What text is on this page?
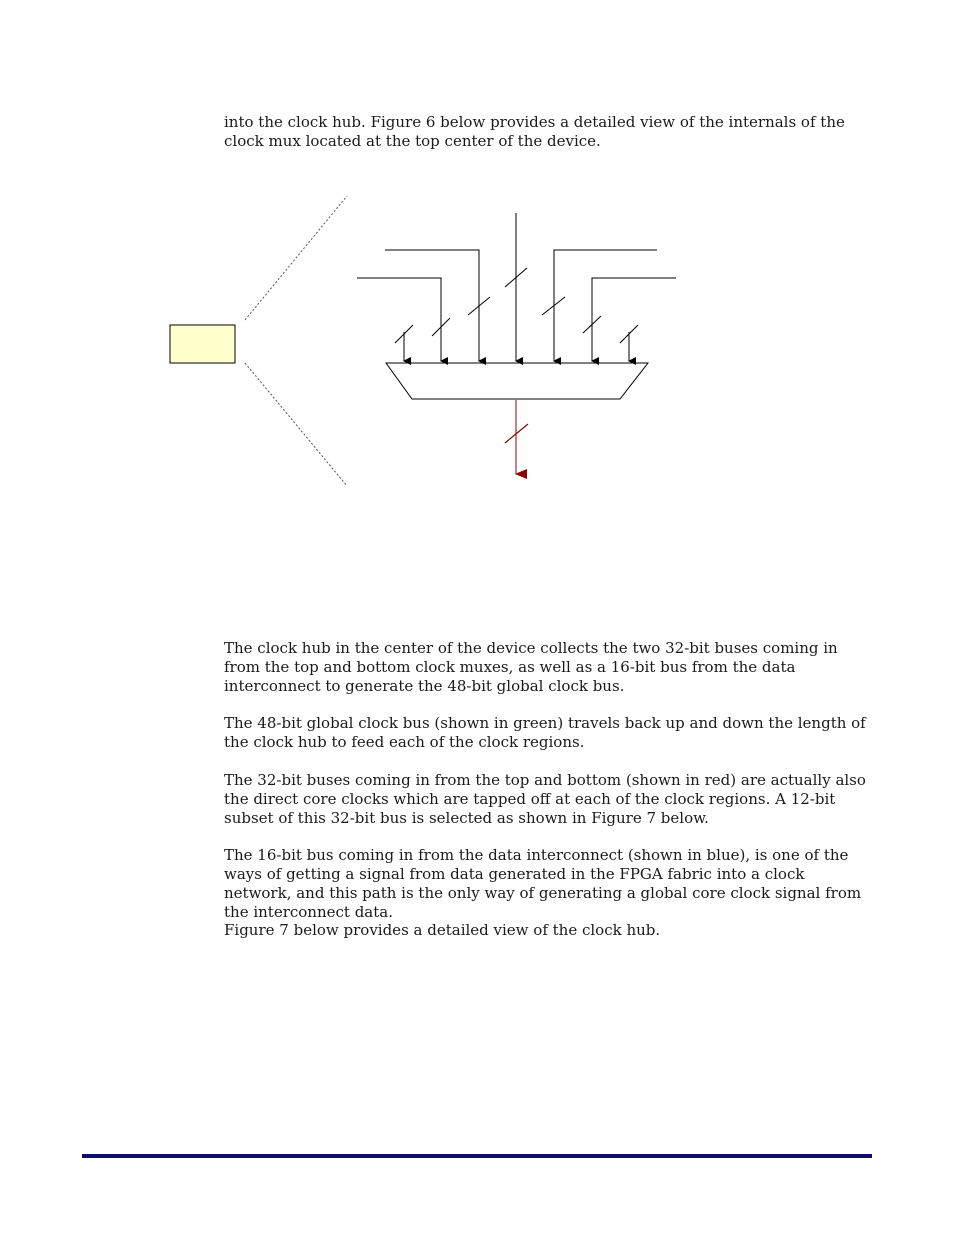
into the clock hub. Figure 6 below provides a detailed view of the internals of the clock mux located at the top center of the device.

The clock hub in the center of the device collects the two 32-bit buses coming in from the top and bottom clock muxes, as well as a 16-bit bus from the data interconnect to generate the 48-bit global clock bus.

The 48-bit global clock bus (shown in green) travels back up and down the length of the clock hub to feed each of the clock regions.

The 32-bit buses coming in from the top and bottom (shown in red) are actually also the direct core clocks which are tapped off at each of the clock regions. A 12-bit subset of this 32-bit bus is selected as shown in Figure 7 below.

The 16-bit bus coming in from the data interconnect (shown in blue), is one of the ways of getting a signal from data generated in the FPGA fabric into a clock network, and this path is the only way of generating a global core clock signal from the interconnect data.

Figure 7 below provides a detailed view of the clock hub.
